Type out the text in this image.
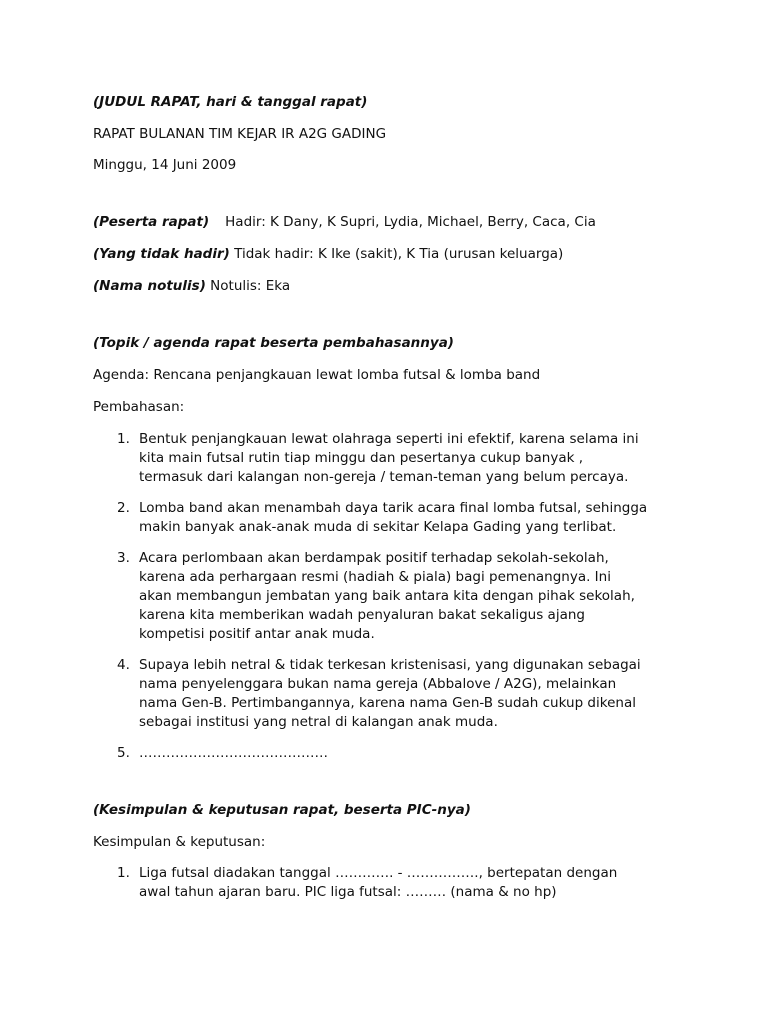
(JUDUL RAPAT, hari & tanggal rapat)

RAPAT BULANAN TIM KEJAR IR A2G GADING

Minggu, 14 Juni 2009

(Peserta rapat) Hadir: K Dany, K Supri, Lydia, Michael, Berry, Caca, Cia

(Yang tidak hadir) Tidak hadir: K Ike (sakit), K Tia (urusan keluarga)

(Nama notulis) Notulis: Eka

(Topik / agenda rapat beserta pembahasannya)

Agenda: Rencana penjangkauan lewat lomba futsal & lomba band

Pembahasan:

1. Bentuk penjangkauan lewat olahraga seperti ini efektif, karena selama ini
kita main futsal rutin tiap minggu dan pesertanya cukup banyak ,
termasuk dari kalangan non-gereja / teman-teman yang belum percaya.
2. Lomba band akan menambah daya tarik acara final lomba futsal, sehingga
makin banyak anak-anak muda di sekitar Kelapa Gading yang terlibat.
3. Acara perlombaan akan berdampak positif terhadap sekolah-sekolah,
karena ada perhargaan resmi (hadiah & piala) bagi pemenangnya. Ini
akan membangun jembatan yang baik antara kita dengan pihak sekolah,
karena kita memberikan wadah penyaluran bakat sekaligus ajang
kompetisi positif antar anak muda.
4. Supaya lebih netral & tidak terkesan kristenisasi, yang digunakan sebagai
nama penyelenggara bukan nama gereja (Abbalove / A2G), melainkan
nama Gen-B. Pertimbangannya, karena nama Gen-B sudah cukup dikenal
sebagai institusi yang netral di kalangan anak muda.
5. ……………………………………

(Kesimpulan & keputusan rapat, beserta PIC-nya)

Kesimpulan & keputusan:

1. Liga futsal diadakan tanggal …………. - ……………., bertepatan dengan
awal tahun ajaran baru. PIC liga futsal: ……… (nama & no hp)
